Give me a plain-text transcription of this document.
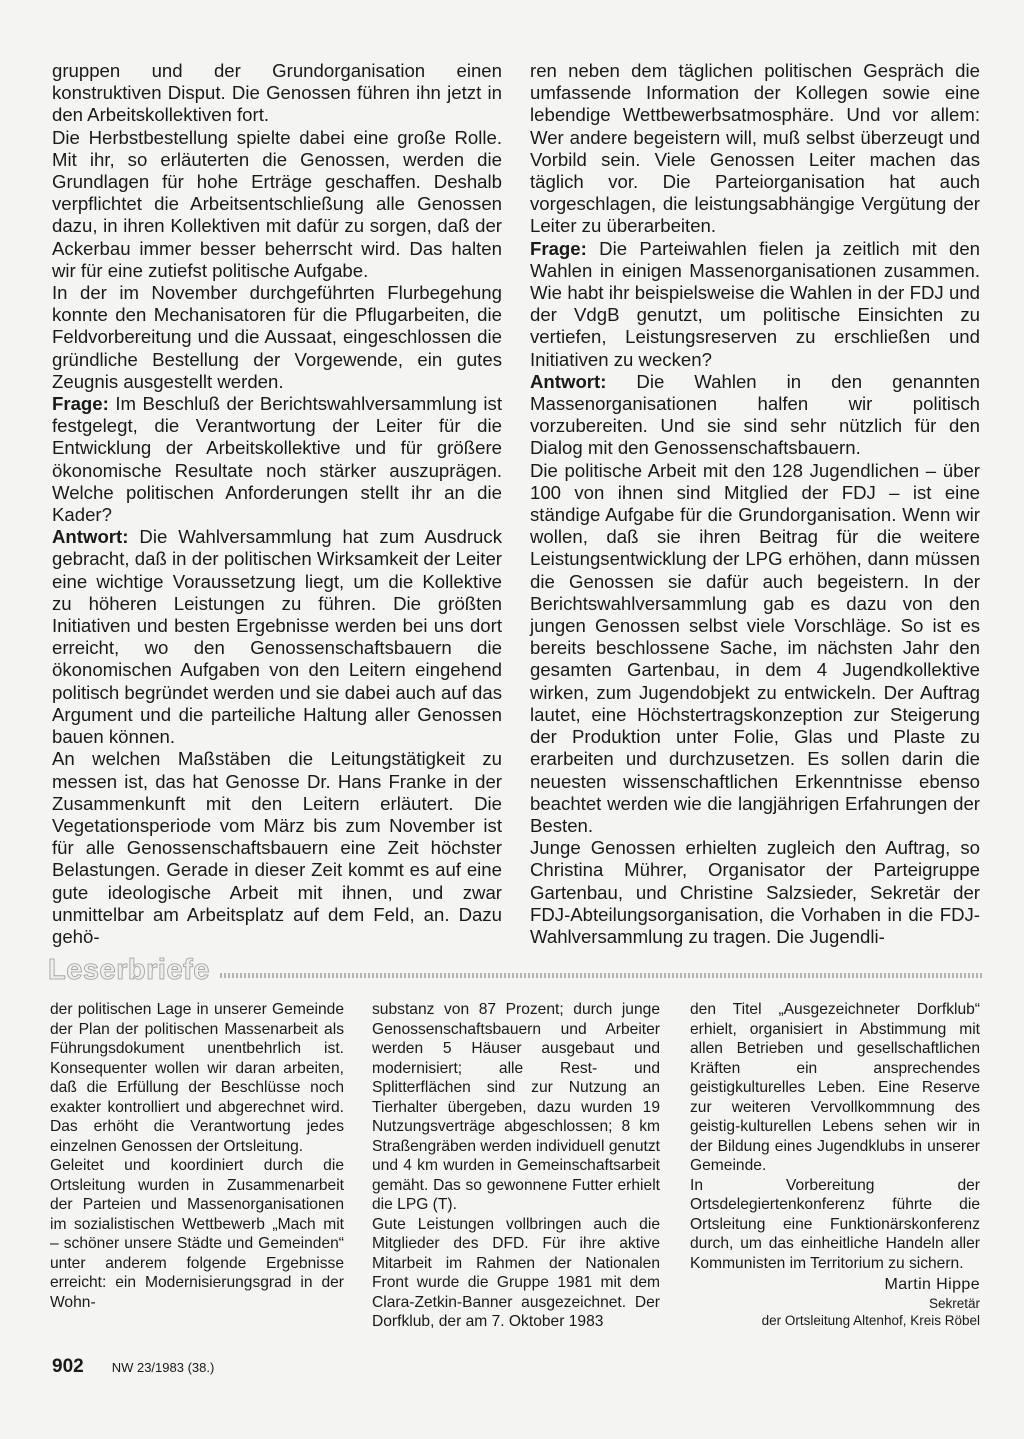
gruppen und der Grundorganisation einen konstruktiven Disput. Die Genossen führen ihn jetzt in den Arbeitskollektiven fort.

Die Herbstbestellung spielte dabei eine große Rolle. Mit ihr, so erläuterten die Genossen, werden die Grundlagen für hohe Erträge geschaffen. Deshalb verpflichtet die Arbeitsentschließung alle Genossen dazu, in ihren Kollektiven mit dafür zu sorgen, daß der Ackerbau immer besser beherrscht wird. Das halten wir für eine zutiefst politische Aufgabe.

In der im November durchgeführten Flurbegehung konnte den Mechanisatoren für die Pflugarbeiten, die Feldvorbereitung und die Aussaat, eingeschlossen die gründliche Bestellung der Vorgewende, ein gutes Zeugnis ausgestellt werden.

Frage: Im Beschluß der Berichtswahlversammlung ist festgelegt, die Verantwortung der Leiter für die Entwicklung der Arbeitskollektive und für größere ökonomische Resultate noch stärker auszuprägen. Welche politischen Anforderungen stellt ihr an die Kader?

Antwort: Die Wahlversammlung hat zum Ausdruck gebracht, daß in der politischen Wirksamkeit der Leiter eine wichtige Voraussetzung liegt, um die Kollektive zu höheren Leistungen zu führen. Die größten Initiativen und besten Ergebnisse werden bei uns dort erreicht, wo den Genossenschaftsbauern die ökonomischen Aufgaben von den Leitern eingehend politisch begründet werden und sie dabei auch auf das Argument und die parteiliche Haltung aller Genossen bauen können.

An welchen Maßstäben die Leitungstätigkeit zu messen ist, das hat Genosse Dr. Hans Franke in der Zusammenkunft mit den Leitern erläutert. Die Vegetationsperiode vom März bis zum November ist für alle Genossenschaftsbauern eine Zeit höchster Belastungen. Gerade in dieser Zeit kommt es auf eine gute ideologische Arbeit mit ihnen, und zwar unmittelbar am Arbeitsplatz auf dem Feld, an. Dazu gehö-

ren neben dem täglichen politischen Gespräch die umfassende Information der Kollegen sowie eine lebendige Wettbewerbsatmosphäre. Und vor allem: Wer andere begeistern will, muß selbst überzeugt und Vorbild sein. Viele Genossen Leiter machen das täglich vor. Die Parteiorganisation hat auch vorgeschlagen, die leistungsabhängige Vergütung der Leiter zu überarbeiten.

Frage: Die Parteiwahlen fielen ja zeitlich mit den Wahlen in einigen Massenorganisationen zusammen. Wie habt ihr beispielsweise die Wahlen in der FDJ und der VdgB genutzt, um politische Einsichten zu vertiefen, Leistungsreserven zu erschließen und Initiativen zu wecken?

Antwort: Die Wahlen in den genannten Massenorganisationen halfen wir politisch vorzubereiten. Und sie sind sehr nützlich für den Dialog mit den Genossenschaftsbauern.

Die politische Arbeit mit den 128 Jugendlichen – über 100 von ihnen sind Mitglied der FDJ – ist eine ständige Aufgabe für die Grundorganisation. Wenn wir wollen, daß sie ihren Beitrag für die weitere Leistungsentwicklung der LPG erhöhen, dann müssen die Genossen sie dafür auch begeistern. In der Berichtswahlversammlung gab es dazu von den jungen Genossen selbst viele Vorschläge. So ist es bereits beschlossene Sache, im nächsten Jahr den gesamten Gartenbau, in dem 4 Jugendkollektive wirken, zum Jugendobjekt zu entwickeln. Der Auftrag lautet, eine Höchstertragskonzeption zur Steigerung der Produktion unter Folie, Glas und Plaste zu erarbeiten und durchzusetzen. Es sollen darin die neuesten wissenschaftlichen Erkenntnisse ebenso beachtet werden wie die langjährigen Erfahrungen der Besten.

Junge Genossen erhielten zugleich den Auftrag, so Christina Mührer, Organisator der Parteigruppe Gartenbau, und Christine Salzsieder, Sekretär der FDJ-Abteilungsorganisation, die Vorhaben in die FDJ-Wahlversammlung zu tragen. Die Jugendli-

Leserbriefe

der politischen Lage in unserer Gemeinde der Plan der politischen Massenarbeit als Führungsdokument unentbehrlich ist. Konsequenter wollen wir daran arbeiten, daß die Erfüllung der Beschlüsse noch exakter kontrolliert und abgerechnet wird. Das erhöht die Verantwortung jedes einzelnen Genossen der Ortsleitung.

Geleitet und koordiniert durch die Ortsleitung wurden in Zusammenarbeit der Parteien und Massenorganisationen im sozialistischen Wettbewerb „Mach mit – schöner unsere Städte und Gemeinden“ unter anderem folgende Ergebnisse erreicht: ein Modernisierungsgrad in der Wohn-

substanz von 87 Prozent; durch junge Genossenschaftsbauern und Arbeiter werden 5 Häuser ausgebaut und modernisiert; alle Rest- und Splitterflächen sind zur Nutzung an Tierhalter übergeben, dazu wurden 19 Nutzungsverträge abgeschlossen; 8 km Straßengräben werden individuell genutzt und 4 km wurden in Gemeinschaftsarbeit gemäht. Das so gewonnene Futter erhielt die LPG (T).

Gute Leistungen vollbringen auch die Mitglieder des DFD. Für ihre aktive Mitarbeit im Rahmen der Nationalen Front wurde die Gruppe 1981 mit dem Clara-Zetkin-Banner ausgezeichnet. Der Dorfklub, der am 7. Oktober 1983

den Titel „Ausgezeichneter Dorfklub“ erhielt, organisiert in Abstimmung mit allen Betrieben und gesellschaftlichen Kräften ein ansprechendes geistigkulturelles Leben. Eine Reserve zur weiteren Vervollkommnung des geistig-kulturellen Lebens sehen wir in der Bildung eines Jugendklubs in unserer Gemeinde.

In Vorbereitung der Ortsdelegiertenkonferenz führte die Ortsleitung eine Funktionärskonferenz durch, um das einheitliche Handeln aller Kommunisten im Territorium zu sichern.

Martin Hippe
Sekretär
der Ortsleitung Altenhof, Kreis Röbel
902 NW 23/1983 (38.)
